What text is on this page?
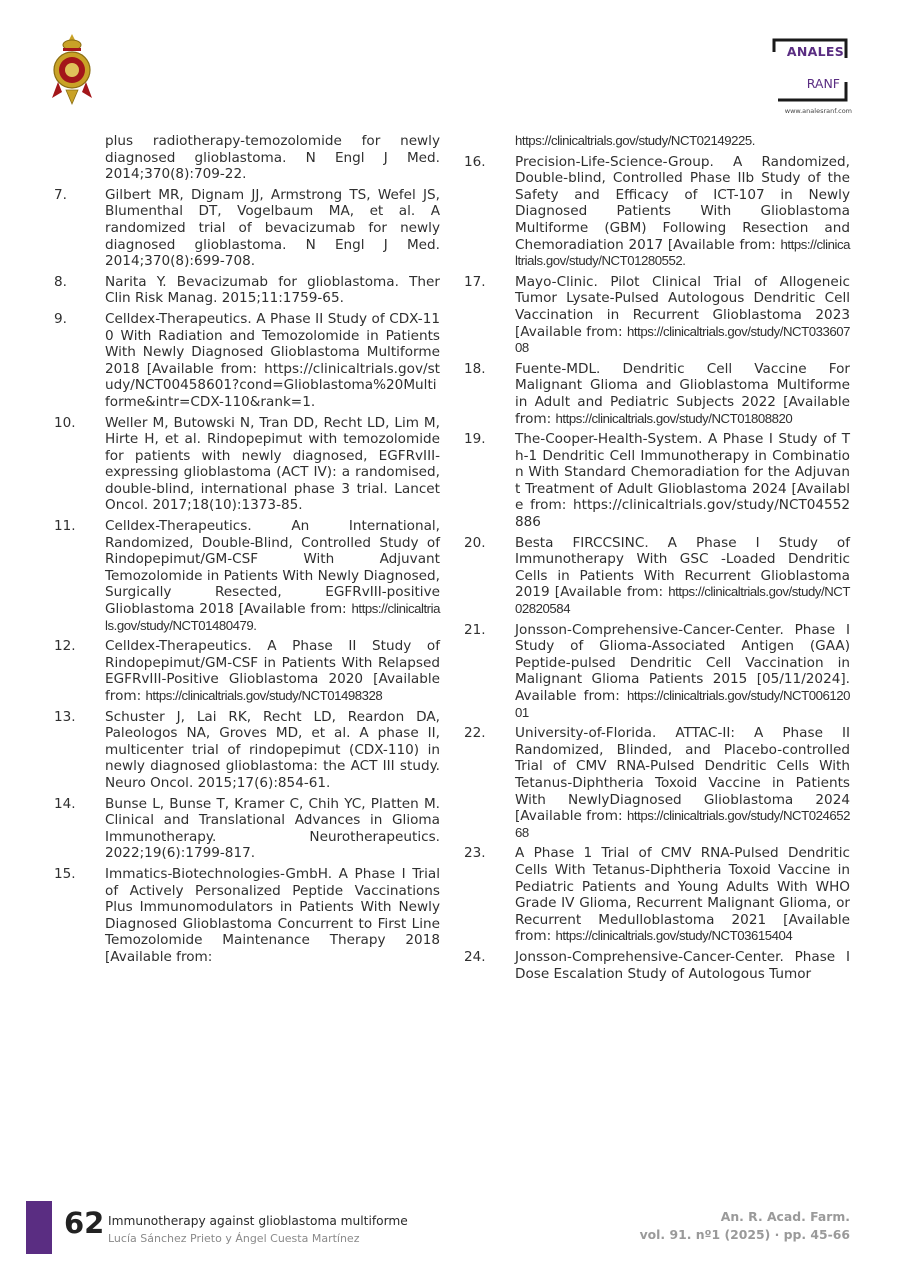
ANALES
RANF
www.analesranf.com
plus radiotherapy-temozolomide for newly diagnosed glioblastoma. N Engl J Med. 2014;370(8):709-22.
7.	Gilbert MR, Dignam JJ, Armstrong TS, Wefel JS, Blumenthal DT, Vogelbaum MA, et al. A randomized trial of bevacizumab for newly diagnosed glioblastoma. N Engl J Med. 2014;370(8):699-708.
8.	Narita Y. Bevacizumab for glioblastoma. Ther Clin Risk Manag. 2015;11:1759-65.
9.	Celldex-Therapeutics. A Phase II Study of CDX-110 With Radiation and Temozolomide in Patients With Newly Diagnosed Glioblastoma Multiforme 2018 [Available from: https://clinicaltrials.gov/study/NCT00458601?cond=Glioblastoma%20Multiforme&intr=CDX-110&rank=1.
10. Weller M, Butowski N, Tran DD, Recht LD, Lim M, Hirte H, et al. Rindopepimut with temozolomide for patients with newly diagnosed, EGFRvIII-expressing glioblastoma (ACT IV): a randomised, double-blind, international phase 3 trial. Lancet Oncol. 2017;18(10):1373-85.
11. Celldex-Therapeutics. An International, Randomized, Double-Blind, Controlled Study of Rindopepimut/GM-CSF With Adjuvant Temozolomide in Patients With Newly Diagnosed, Surgically Resected, EGFRvIII-positive Glioblastoma 2018 [Available from: https://clinicaltrials.gov/study/NCT01480479.
12. Celldex-Therapeutics. A Phase II Study of Rindopepimut/GM-CSF in Patients With Relapsed EGFRvIII-Positive Glioblastoma 2020 [Available from: https://clinicaltrials.gov/study/NCT01498328
13. Schuster J, Lai RK, Recht LD, Reardon DA, Paleologos NA, Groves MD, et al. A phase II, multicenter trial of rindopepimut (CDX-110) in newly diagnosed glioblastoma: the ACT III study. Neuro Oncol. 2015;17(6):854-61.
14. Bunse L, Bunse T, Kramer C, Chih YC, Platten M. Clinical and Translational Advances in Glioma Immunotherapy. Neurotherapeutics. 2022;19(6):1799-817.
15. Immatics-Biotechnologies-GmbH. A Phase I Trial of Actively Personalized Peptide Vaccinations Plus Immunomodulators in Patients With Newly Diagnosed Glioblastoma Concurrent to First Line Temozolomide Maintenance Therapy 2018 [Available from:
https://clinicaltrials.gov/study/NCT02149225.
16. Precision-Life-Science-Group. A Randomized, Double-blind, Controlled Phase IIb Study of the Safety and Efficacy of ICT-107 in Newly Diagnosed Patients With Glioblastoma Multiforme (GBM) Following Resection and Chemoradiation 2017 [Available from: https://clinicaltrials.gov/study/NCT01280552.
17. Mayo-Clinic. Pilot Clinical Trial of Allogeneic Tumor Lysate-Pulsed Autologous Dendritic Cell Vaccination in Recurrent Glioblastoma 2023 [Available from: https://clinicaltrials.gov/study/NCT03360708
18. Fuente-MDL. Dendritic Cell Vaccine For Malignant Glioma and Glioblastoma Multiforme in Adult and Pediatric Subjects 2022 [Available from: https://clinicaltrials.gov/study/NCT01808820
19. The-Cooper-Health-System. A Phase I Study of Th-1 Dendritic Cell Immunotherapy in Combination With Standard Chemoradiation for the Adjuvant Treatment of Adult Glioblastoma 2024 [Available from: https://clinicaltrials.gov/study/NCT04552886
20. Besta FIRCCSINC. A Phase I Study of Immunotherapy With GSC -Loaded Dendritic Cells in Patients With Recurrent Glioblastoma 2019 [Available from: https://clinicaltrials.gov/study/NCT02820584
21. Jonsson-Comprehensive-Cancer-Center. Phase I Study of Glioma-Associated Antigen (GAA) Peptide-pulsed Dendritic Cell Vaccination in Malignant Glioma Patients 2015 [05/11/2024]. Available from: https://clinicaltrials.gov/study/NCT00612001
22. University-of-Florida. ATTAC-II: A Phase II Randomized, Blinded, and Placebo-controlled Trial of CMV RNA-Pulsed Dendritic Cells With Tetanus-Diphtheria Toxoid Vaccine in Patients With NewlyDiagnosed Glioblastoma 2024 [Available from: https://clinicaltrials.gov/study/NCT02465268
23. A Phase 1 Trial of CMV RNA-Pulsed Dendritic Cells With Tetanus-Diphtheria Toxoid Vaccine in Pediatric Patients and Young Adults With WHO Grade IV Glioma, Recurrent Malignant Glioma, or Recurrent Medulloblastoma 2021 [Available from: https://clinicaltrials.gov/study/NCT03615404
24. Jonsson-Comprehensive-Cancer-Center. Phase I Dose Escalation Study of Autologous Tumor
62 Immunotherapy against glioblastoma multiforme
Lucía Sánchez Prieto y Ángel Cuesta Martínez
An. R. Acad. Farm.
vol. 91. nº1 (2025) · pp. 45-66
